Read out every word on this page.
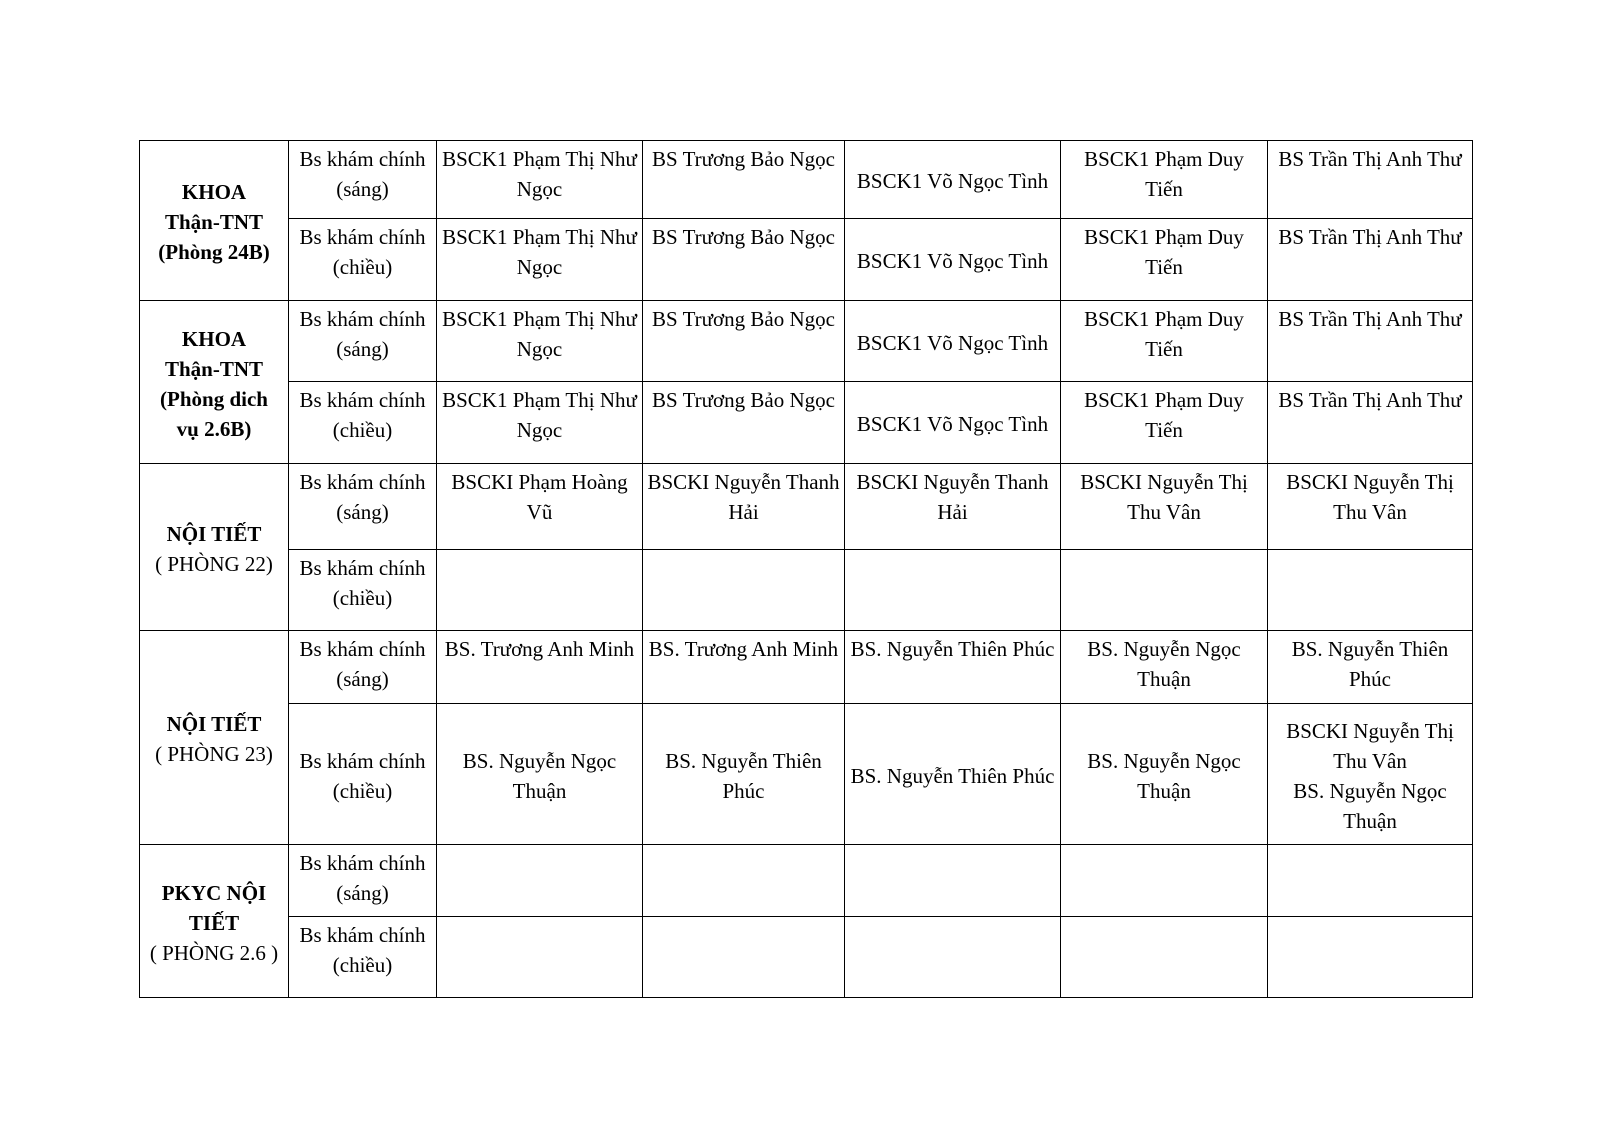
KHOA
Thận-TNT
(Phòng 24B)	Bs khám chính (sáng)	BSCK1 Phạm Thị Như Ngọc	BS Trương Bảo Ngọc	BSCK1 Võ Ngọc Tình	BSCK1 Phạm Duy Tiến	BS Trần Thị Anh Thư
	Bs khám chính (chiều)	BSCK1 Phạm Thị Như Ngọc	BS Trương Bảo Ngọc	BSCK1 Võ Ngọc Tình	BSCK1 Phạm Duy Tiến	BS Trần Thị Anh Thư

KHOA
Thận-TNT
(Phòng dich
vụ 2.6B)	Bs khám chính (sáng)	BSCK1 Phạm Thị Như Ngọc	BS Trương Bảo Ngọc	BSCK1 Võ Ngọc Tình	BSCK1 Phạm Duy Tiến	BS Trần Thị Anh Thư
	Bs khám chính (chiều)	BSCK1 Phạm Thị Như Ngọc	BS Trương Bảo Ngọc	BSCK1 Võ Ngọc Tình	BSCK1 Phạm Duy Tiến	BS Trần Thị Anh Thư

NỘI TIẾT
( PHÒNG 22)	Bs khám chính (sáng)	BSCKI Phạm Hoàng Vũ	BSCKI Nguyễn Thanh Hải	BSCKI Nguyễn Thanh Hải	BSCKI Nguyễn Thị Thu Vân	BSCKI Nguyễn Thị Thu Vân
	Bs khám chính (chiều)					

NỘI TIẾT
( PHÒNG 23)	Bs khám chính (sáng)	BS. Trương Anh Minh	BS. Trương Anh Minh	BS. Nguyễn Thiên Phúc	BS. Nguyễn Ngọc Thuận	BS. Nguyễn Thiên Phúc
	Bs khám chính (chiều)	BS. Nguyễn Ngọc Thuận	BS. Nguyễn Thiên Phúc	BS. Nguyễn Thiên Phúc	BS. Nguyễn Ngọc Thuận	BSCKI Nguyễn Thị Thu Vân
BS. Nguyễn Ngọc Thuận

PKYC NỘI
TIẾT
( PHÒNG 2.6 )	Bs khám chính (sáng)					
	Bs khám chính (chiều)					
